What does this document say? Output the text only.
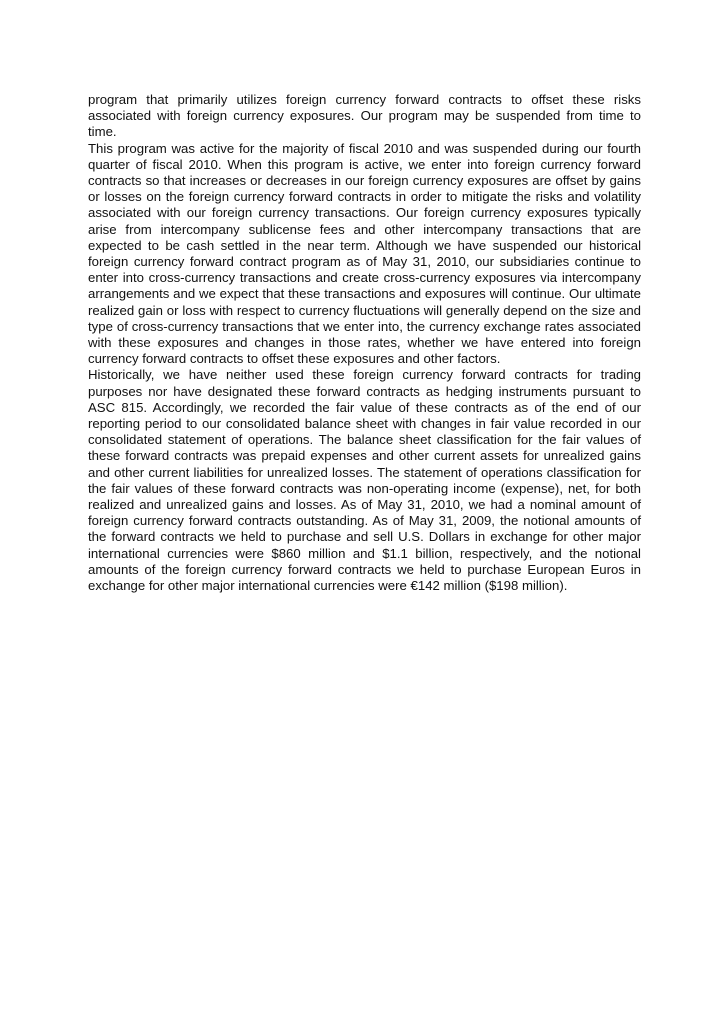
program that primarily utilizes foreign currency forward contracts to offset these risks associated with foreign currency exposures. Our program may be suspended from time to time.

This program was active for the majority of fiscal 2010 and was suspended during our fourth quarter of fiscal 2010. When this program is active, we enter into foreign currency forward contracts so that increases or decreases in our foreign currency exposures are offset by gains or losses on the foreign currency forward contracts in order to mitigate the risks and volatility associated with our foreign currency transactions. Our foreign currency exposures typically arise from intercompany sublicense fees and other intercompany transactions that are expected to be cash settled in the near term. Although we have suspended our historical foreign currency forward contract program as of May 31, 2010, our subsidiaries continue to enter into cross-currency transactions and create cross-currency exposures via intercompany arrangements and we expect that these transactions and exposures will continue. Our ultimate realized gain or loss with respect to currency fluctuations will generally depend on the size and type of cross-currency transactions that we enter into, the currency exchange rates associated with these exposures and changes in those rates, whether we have entered into foreign currency forward contracts to offset these exposures and other factors.

Historically, we have neither used these foreign currency forward contracts for trading purposes nor have designated these forward contracts as hedging instruments pursuant to ASC 815. Accordingly, we recorded the fair value of these contracts as of the end of our reporting period to our consolidated balance sheet with changes in fair value recorded in our consolidated statement of operations. The balance sheet classification for the fair values of these forward contracts was prepaid expenses and other current assets for unrealized gains and other current liabilities for unrealized losses. The statement of operations classification for the fair values of these forward contracts was non-operating income (expense), net, for both realized and unrealized gains and losses. As of May 31, 2010, we had a nominal amount of foreign currency forward contracts outstanding. As of May 31, 2009, the notional amounts of the forward contracts we held to purchase and sell U.S. Dollars in exchange for other major international currencies were $860 million and $1.1 billion, respectively, and the notional amounts of the foreign currency forward contracts we held to purchase European Euros in exchange for other major international currencies were €142 million ($198 million).
